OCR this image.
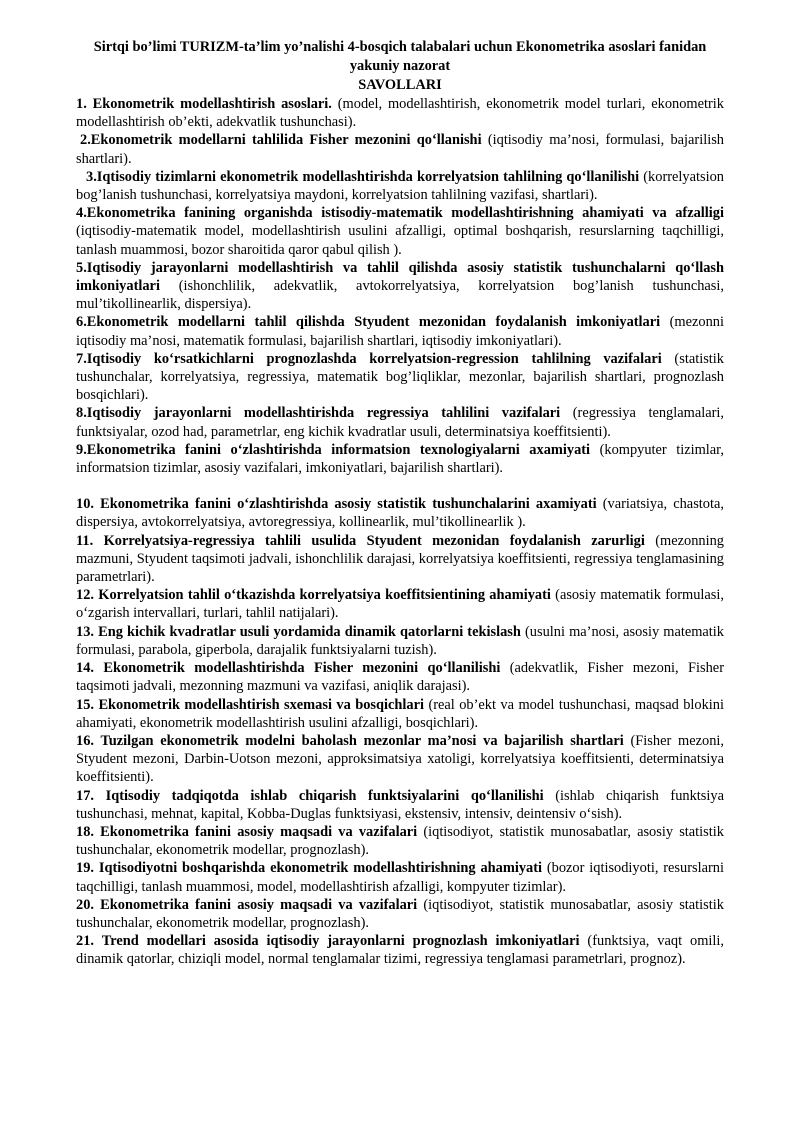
Sirtqi bo’limi TURIZM-ta’lim yo’nalishi 4-bosqich talabalari uchun Ekonometrika asoslari fanidan yakuniy nazorat

SAVOLLARI

1. Ekonometrik modellashtirish asoslari. (model, modellashtirish, ekonometrik model turlari, ekonometrik modellashtirish ob’ekti, adekvatlik tushunchasi).

2.Ekonometrik modellarni tahlilida Fisher mezonini qo‘llanishi (iqtisodiy ma’nosi, formulasi, bajarilish shartlari).

3.Iqtisodiy tizimlarni ekonometrik modellashtirishda korrelyatsion tahlilning qo‘llanilishi (korrelyatsion bog’lanish tushunchasi, korrelyatsiya maydoni, korrelyatsion tahlilning vazifasi, shartlari).

4.Ekonometrika fanining organishda istisodiy-matematik modellashtirishning ahamiyati va afzalligi (iqtisodiy-matematik model, modellashtirish usulini afzalligi, optimal boshqarish, resurslarning taqchilligi, tanlash muammosi, bozor sharoitida qaror qabul qilish ).

5.Iqtisodiy jarayonlarni modellashtirish va tahlil qilishda asosiy statistik tushunchalarni qo‘llash imkoniyatlari (ishonchlilik, adekvatlik, avtokorrelyatsiya, korrelyatsion bog’lanish tushunchasi, mul’tikollinearlik, dispersiya).

6.Ekonometrik modellarni tahlil qilishda Styudent mezonidan foydalanish imkoniyatlari (mezonni iqtisodiy ma’nosi, matematik formulasi, bajarilish shartlari, iqtisodiy imkoniyatlari).

7.Iqtisodiy ko‘rsatkichlarni prognozlashda korrelyatsion-regression tahlilning vazifalari (statistik tushunchalar, korrelyatsiya, regressiya, matematik bog’liqliklar, mezonlar, bajarilish shartlari, prognozlash bosqichlari).

8.Iqtisodiy jarayonlarni modellashtirishda regressiya tahlilini vazifalari (regressiya tenglamalari, funktsiyalar, ozod had, parametrlar, eng kichik kvadratlar usuli, determinatsiya koeffitsienti).

9.Ekonometrika fanini o‘zlashtirishda informatsion texnologiyalarni axamiyati (kompyuter tizimlar, informatsion tizimlar, asosiy vazifalari, imkoniyatlari, bajarilish shartlari).

10. Ekonometrika fanini o‘zlashtirishda asosiy statistik tushunchalarini axamiyati (variatsiya, chastota, dispersiya, avtokorrelyatsiya, avtoregressiya, kollinearlik, mul’tikollinearlik ).

11. Korrelyatsiya-regressiya tahlili usulida Styudent mezonidan foydalanish zarurligi (mezonning mazmuni, Styudent taqsimoti jadvali, ishonchlilik darajasi, korrelyatsiya koeffitsienti, regressiya tenglamasining parametrlari).

12. Korrelyatsion tahlil o‘tkazishda korrelyatsiya koeffitsientining ahamiyati (asosiy matematik formulasi, o‘zgarish intervallari, turlari, tahlil natijalari).

13. Eng kichik kvadratlar usuli yordamida dinamik qatorlarni tekislash (usulni ma’nosi, asosiy matematik formulasi, parabola, giperbola, darajalik funktsiyalarni tuzish).

14. Ekonometrik modellashtirishda Fisher mezonini qo‘llanilishi (adekvatlik, Fisher mezoni, Fisher taqsimoti jadvali, mezonning mazmuni va vazifasi, aniqlik darajasi).

15. Ekonometrik modellashtirish sxemasi va bosqichlari (real ob’ekt va model tushunchasi, maqsad blokini ahamiyati, ekonometrik modellashtirish usulini afzalligi, bosqichlari).

16. Tuzilgan ekonometrik modelni baholash mezonlar ma’nosi va bajarilish shartlari (Fisher mezoni, Styudent mezoni, Darbin-Uotson mezoni, approksimatsiya xatoligi, korrelyatsiya koeffitsienti, determinatsiya koeffitsienti).

17. Iqtisodiy tadqiqotda ishlab chiqarish funktsiyalarini qo‘llanilishi (ishlab chiqarish funktsiya tushunchasi, mehnat, kapital, Kobba-Duglas funktsiyasi, ekstensiv, intensiv, deintensiv o‘sish).

18. Ekonometrika fanini asosiy maqsadi va vazifalari (iqtisodiyot, statistik munosabatlar, asosiy statistik tushunchalar, ekonometrik modellar, prognozlash).

19. Iqtisodiyotni boshqarishda ekonometrik modellashtirishning ahamiyati (bozor iqtisodiyoti, resurslarni taqchilligi, tanlash muammosi, model, modellashtirish afzalligi, kompyuter tizimlar).

20. Ekonometrika fanini asosiy maqsadi va vazifalari (iqtisodiyot, statistik munosabatlar, asosiy statistik tushunchalar, ekonometrik modellar, prognozlash).

21. Trend modellari asosida iqtisodiy jarayonlarni prognozlash imkoniyatlari (funktsiya, vaqt omili, dinamik qatorlar, chiziqli model, normal tenglamalar tizimi, regressiya tenglamasi parametrlari, prognoz).
